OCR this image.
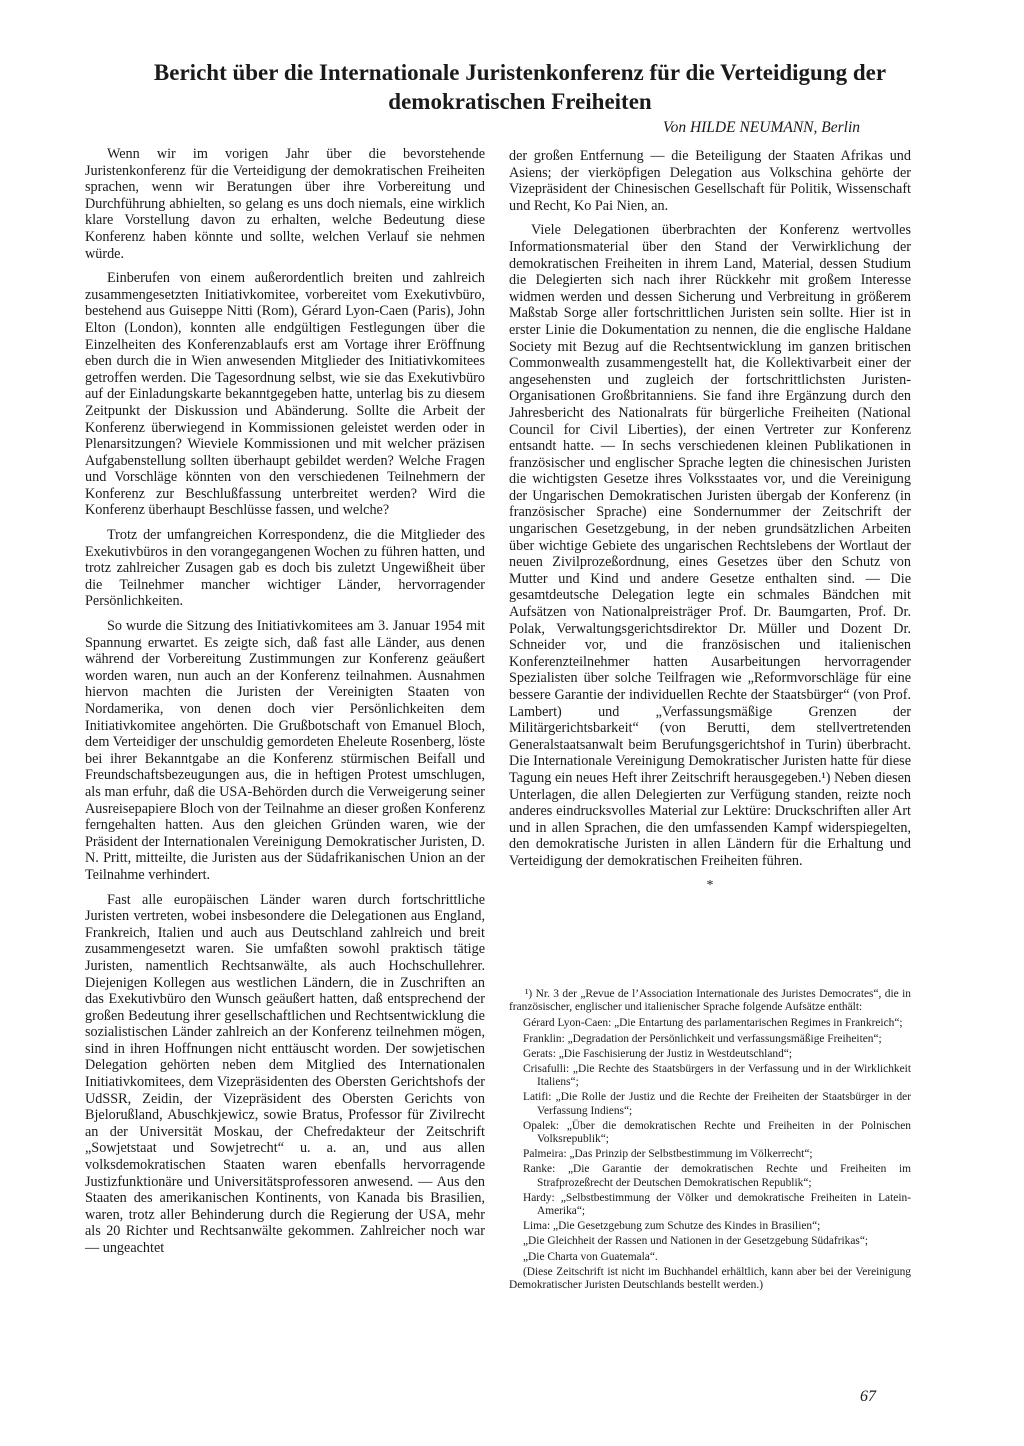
Bericht über die Internationale Juristenkonferenz für die Verteidigung der demokratischen Freiheiten
Von HILDE NEUMANN, Berlin

Wenn wir im vorigen Jahr über die bevorstehende Juristenkonferenz für die Verteidigung der demokratischen Freiheiten sprachen, wenn wir Beratungen über ihre Vorbereitung und Durchführung abhielten, so gelang es uns doch niemals, eine wirklich klare Vorstellung davon zu erhalten, welche Bedeutung diese Konferenz haben könnte und sollte, welchen Verlauf sie nehmen würde.

Einberufen von einem außerordentlich breiten und zahlreich zusammengesetzten Initiativkomitee, vorbereitet vom Exekutivbüro, bestehend aus Guiseppe Nitti (Rom), Gérard Lyon-Caen (Paris), John Elton (London), konnten alle endgültigen Festlegungen über die Einzelheiten des Konferenzablaufs erst am Vortage ihrer Eröffnung eben durch die in Wien anwesenden Mitglieder des Initiativkomitees getroffen werden. Die Tagesordnung selbst, wie sie das Exekutivbüro auf der Einladungskarte bekanntgegeben hatte, unterlag bis zu diesem Zeitpunkt der Diskussion und Abänderung. Sollte die Arbeit der Konferenz überwiegend in Kommissionen geleistet werden oder in Plenarsitzungen? Wieviele Kommissionen und mit welcher präzisen Aufgabenstellung sollten überhaupt gebildet werden? Welche Fragen und Vorschläge könnten von den verschiedenen Teilnehmern der Konferenz zur Beschlußfassung unterbreitet werden? Wird die Konferenz überhaupt Beschlüsse fassen, und welche?

Trotz der umfangreichen Korrespondenz, die die Mitglieder des Exekutivbüros in den vorangegangenen Wochen zu führen hatten, und trotz zahlreicher Zusagen gab es doch bis zuletzt Ungewißheit über die Teilnehmer mancher wichtiger Länder, hervorragender Persönlichkeiten.

So wurde die Sitzung des Initiativkomitees am 3. Januar 1954 mit Spannung erwartet. Es zeigte sich, daß fast alle Länder, aus denen während der Vorbereitung Zustimmungen zur Konferenz geäußert worden waren, nun auch an der Konferenz teilnahmen. Ausnahmen hiervon machten die Juristen der Vereinigten Staaten von Nordamerika, von denen doch vier Persönlichkeiten dem Initiativkomitee angehörten. Die Grußbotschaft von Emanuel Bloch, dem Verteidiger der unschuldig gemordeten Eheleute Rosenberg, löste bei ihrer Bekanntgabe an die Konferenz stürmischen Beifall und Freundschaftsbezeugungen aus, die in heftigen Protest umschlugen, als man erfuhr, daß die USA-Behörden durch die Verweigerung seiner Ausreisepapiere Bloch von der Teilnahme an dieser großen Konferenz ferngehalten hatten. Aus den gleichen Gründen waren, wie der Präsident der Internationalen Vereinigung Demokratischer Juristen, D. N. Pritt, mitteilte, die Juristen aus der Südafrikanischen Union an der Teilnahme verhindert.

Fast alle europäischen Länder waren durch fortschrittliche Juristen vertreten, wobei insbesondere die Delegationen aus England, Frankreich, Italien und auch aus Deutschland zahlreich und breit zusammengesetzt waren. Sie umfaßten sowohl praktisch tätige Juristen, namentlich Rechtsanwälte, als auch Hochschullehrer. Diejenigen Kollegen aus westlichen Ländern, die in Zuschriften an das Exekutivbüro den Wunsch geäußert hatten, daß entsprechend der großen Bedeutung ihrer gesellschaftlichen und Rechtsentwicklung die sozialistischen Länder zahlreich an der Konferenz teilnehmen mögen, sind in ihren Hoffnungen nicht enttäuscht worden. Der sowjetischen Delegation gehörten neben dem Mitglied des Internationalen Initiativkomitees, dem Vizepräsidenten des Obersten Gerichtshofs der UdSSR, Zeidin, der Vizepräsident des Obersten Gerichts von Bjelorußland, Abuschkjewicz, sowie Bratus, Professor für Zivilrecht an der Universität Moskau, der Chefredakteur der Zeitschrift „Sowjetstaat und Sowjetrecht“ u. a. an, und aus allen volksdemokratischen Staaten waren ebenfalls hervorragende Justizfunktionäre und Universitätsprofessoren anwesend. — Aus den Staaten des amerikanischen Kontinents, von Kanada bis Brasilien, waren, trotz aller Behinderung durch die Regierung der USA, mehr als 20 Richter und Rechtsanwälte gekommen. Zahlreicher noch war — ungeachtet

der großen Entfernung — die Beteiligung der Staaten Afrikas und Asiens; der vierköpfigen Delegation aus Volkschina gehörte der Vizepräsident der Chinesischen Gesellschaft für Politik, Wissenschaft und Recht, Ko Pai Nien, an.

Viele Delegationen überbrachten der Konferenz wertvolles Informationsmaterial über den Stand der Verwirklichung der demokratischen Freiheiten in ihrem Land, Material, dessen Studium die Delegierten sich nach ihrer Rückkehr mit großem Interesse widmen werden und dessen Sicherung und Verbreitung in größerem Maßstab Sorge aller fortschrittlichen Juristen sein sollte. Hier ist in erster Linie die Dokumentation zu nennen, die die englische Haldane Society mit Bezug auf die Rechtsentwicklung im ganzen britischen Commonwealth zusammengestellt hat, die Kollektivarbeit einer der angesehensten und zugleich der fortschrittlichsten Juristen-Organisationen Großbritanniens. Sie fand ihre Ergänzung durch den Jahresbericht des Nationalrats für bürgerliche Freiheiten (National Council for Civil Liberties), der einen Vertreter zur Konferenz entsandt hatte. — In sechs verschiedenen kleinen Publikationen in französischer und englischer Sprache legten die chinesischen Juristen die wichtigsten Gesetze ihres Volksstaates vor, und die Vereinigung der Ungarischen Demokratischen Juristen übergab der Konferenz (in französischer Sprache) eine Sondernummer der Zeitschrift der ungarischen Gesetzgebung, in der neben grundsätzlichen Arbeiten über wichtige Gebiete des ungarischen Rechtslebens der Wortlaut der neuen Zivilprozeßordnung, eines Gesetzes über den Schutz von Mutter und Kind und andere Gesetze enthalten sind. — Die gesamtdeutsche Delegation legte ein schmales Bändchen mit Aufsätzen von Nationalpreisträger Prof. Dr. Baumgarten, Prof. Dr. Polak, Verwaltungsgerichtsdirektor Dr. Müller und Dozent Dr. Schneider vor, und die französischen und italienischen Konferenzteilnehmer hatten Ausarbeitungen hervorragender Spezialisten über solche Teilfragen wie „Reformvorschläge für eine bessere Garantie der individuellen Rechte der Staatsbürger“ (von Prof. Lambert) und „Verfassungsmäßige Grenzen der Militärgerichtsbarkeit“ (von Berutti, dem stellvertretenden Generalstaatsanwalt beim Berufungsgerichtshof in Turin) überbracht. Die Internationale Vereinigung Demokratischer Juristen hatte für diese Tagung ein neues Heft ihrer Zeitschrift herausgegeben.¹) Neben diesen Unterlagen, die allen Delegierten zur Verfügung standen, reizte noch anderes eindrucksvolles Material zur Lektüre: Druckschriften aller Art und in allen Sprachen, die den umfassenden Kampf widerspiegelten, den demokratische Juristen in allen Ländern für die Erhaltung und Verteidigung der demokratischen Freiheiten führen.

*

¹) Nr. 3 der „Revue de l’Association Internationale des Juristes Democrates“, die in französischer, englischer und italienischer Sprache folgende Aufsätze enthält:

Gérard Lyon-Caen: „Die Entartung des parlamentarischen Regimes in Frankreich“;

Franklin: „Degradation der Persönlichkeit und verfassungsmäßige Freiheiten“;

Gerats: „Die Faschisierung der Justiz in Westdeutschland“;

Crisafulli: „Die Rechte des Staatsbürgers in der Verfassung und in der Wirklichkeit Italiens“;

Latifi: „Die Rolle der Justiz und die Rechte der Freiheiten der Staatsbürger in der Verfassung Indiens“;

Opalek: „Über die demokratischen Rechte und Freiheiten in der Polnischen Volksrepublik“;

Palmeira: „Das Prinzip der Selbstbestimmung im Völkerrecht“;

Ranke: „Die Garantie der demokratischen Rechte und Freiheiten im Strafprozeßrecht der Deutschen Demokratischen Republik“;

Hardy: „Selbstbestimmung der Völker und demokratische Freiheiten in Latein-Amerika“;

Lima: „Die Gesetzgebung zum Schutze des Kindes in Brasilien“;

„Die Gleichheit der Rassen und Nationen in der Gesetzgebung Südafrikas“;

„Die Charta von Guatemala“.

(Diese Zeitschrift ist nicht im Buchhandel erhältlich, kann aber bei der Vereinigung Demokratischer Juristen Deutschlands bestellt werden.)

67
